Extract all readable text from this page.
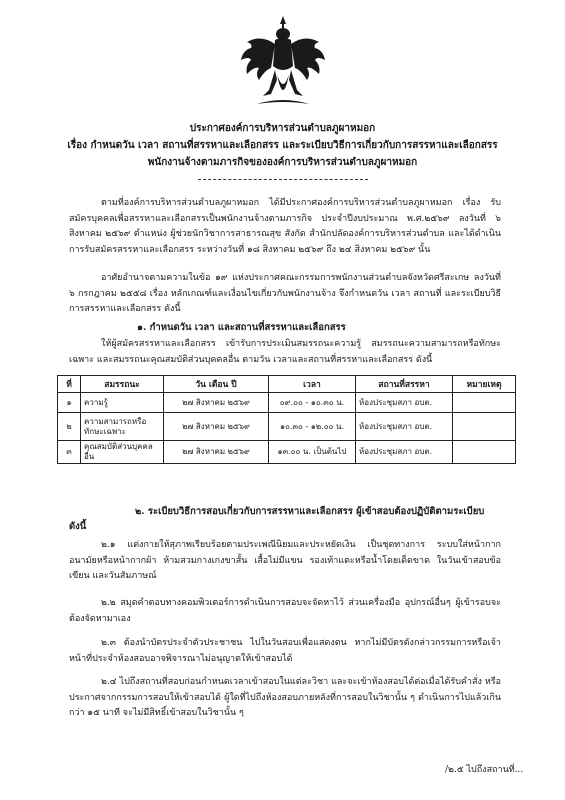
ประกาศองค์การบริหารส่วนตำบลภูผาหมอก
เรื่อง กำหนดวัน เวลา สถานที่สรรหาและเลือกสรร และระเบียบวิธีการเกี่ยวกับการสรรหาและเลือกสรร
พนักงานจ้างตามภารกิจขององค์การบริหารส่วนตำบลภูผาหมอก

ตามที่องค์การบริหารส่วนตำบลภูผาหมอก ได้มีประกาศองค์การบริหารส่วนตำบลภูผาหมอก เรื่อง รับสมัครบุคคลเพื่อสรรหาและเลือกสรรเป็นพนักงานจ้างตามภารกิจ ประจำปีงบประมาณ พ.ศ.๒๕๖๙ ลงวันที่ ๖ สิงหาคม ๒๕๖๙ ตำแหน่ง ผู้ช่วยนักวิชาการสาธารณสุข สังกัด สำนักปลัดองค์การบริหารส่วนตำบล และได้ดำเนินการรับสมัครสรรหาและเลือกสรร ระหว่างวันที่ ๑๘ สิงหาคม ๒๕๖๙ ถึง ๒๔ สิงหาคม ๒๕๖๙ นั้น

อาศัยอำนาจตามความในข้อ ๑๙ แห่งประกาศคณะกรรมการพนักงานส่วนตำบลจังหวัดศรีสะเกษ ลงวันที่ ๖ กรกฎาคม ๒๕๕๘ เรื่อง หลักเกณฑ์และเงื่อนไขเกี่ยวกับพนักงานจ้าง จึงกำหนดวัน เวลา สถานที่ และระเบียบวิธีการสรรหาและเลือกสรร ดังนี้

๑. กำหนดวัน เวลา และสถานที่สรรหาและเลือกสรร

ให้ผู้สมัครสรรหาและเลือกสรร เข้ารับการประเมินสมรรถนะความรู้ สมรรถนะความสามารถหรือทักษะเฉพาะ และสมรรถนะคุณสมบัติส่วนบุคคลอื่น ตามวัน เวลาและสถานที่สรรหาและเลือกสรร ดังนี้

ที่	สมรรถนะ	วัน เดือน ปี	เวลา	สถานที่สรรหา	หมายเหตุ
๑	ความรู้	๒๗ สิงหาคม ๒๕๖๙	๐๙.๐๐ - ๑๐.๓๐ น.	ห้องประชุมสภา อบต.	
๒	ความสามารถหรือทักษะเฉพาะ	๒๗ สิงหาคม ๒๕๖๙	๑๐.๓๐ - ๑๒.๐๐ น.	ห้องประชุมสภา อบต.	
๓	คุณสมบัติส่วนบุคคลอื่น	๒๗ สิงหาคม ๒๕๖๙	๑๓.๐๐ น. เป็นต้นไป	ห้องประชุมสภา อบต.	
๒. ระเบียบวิธีการสอบเกี่ยวกับการสรรหาและเลือกสรร ผู้เข้าสอบต้องปฏิบัติตามระเบียบดังนี้

๒.๑ แต่งกายให้สุภาพเรียบร้อยตามประเพณีนิยมและประหยัดเงิน เป็นชุดทางการ ระบบใส่หน้ากากอนามัยหรือหน้ากากผ้า ห้ามสวมกางเกงขาสั้น เสื้อไม่มีแขน รองเท้าแตะหรือน้ำโดยเด็ดขาด ในวันเข้าสอบข้อเขียน และวันสัมภาษณ์

๒.๒ สมุดคำตอบทางคอมพิวเตอร์การดำเนินการสอบจะจัดหาไว้ ส่วนเครื่องมือ อุปกรณ์อื่นๆ ผู้เข้ารอบจะต้องจัดหามาเอง

๒.๓ ต้องนำบัตรประจำตัวประชาชน ไปในวันสอบเพื่อแสดงตน หากไม่มีบัตรดังกล่าวกรรมการหรือเจ้าหน้าที่ประจำห้องสอบอาจพิจารณาไม่อนุญาตให้เข้าสอบได้

๒.๔ ไปถึงสถานที่สอบก่อนกำหนดเวลาเข้าสอบในแต่ละวิชา และจะเข้าห้องสอบได้ต่อเมื่อได้รับคำสั่ง หรือประกาศจากกรรมการสอบให้เข้าสอบได้ ผู้ใดที่ไปถึงห้องสอบภายหลังที่การสอบในวิชานั้น ๆ ดำเนินการไปแล้วเกินกว่า ๑๕ นาที จะไม่มีสิทธิ์เข้าสอบในวิชานั้น ๆ

/๒.๕ ไปถึงสถานที่...
